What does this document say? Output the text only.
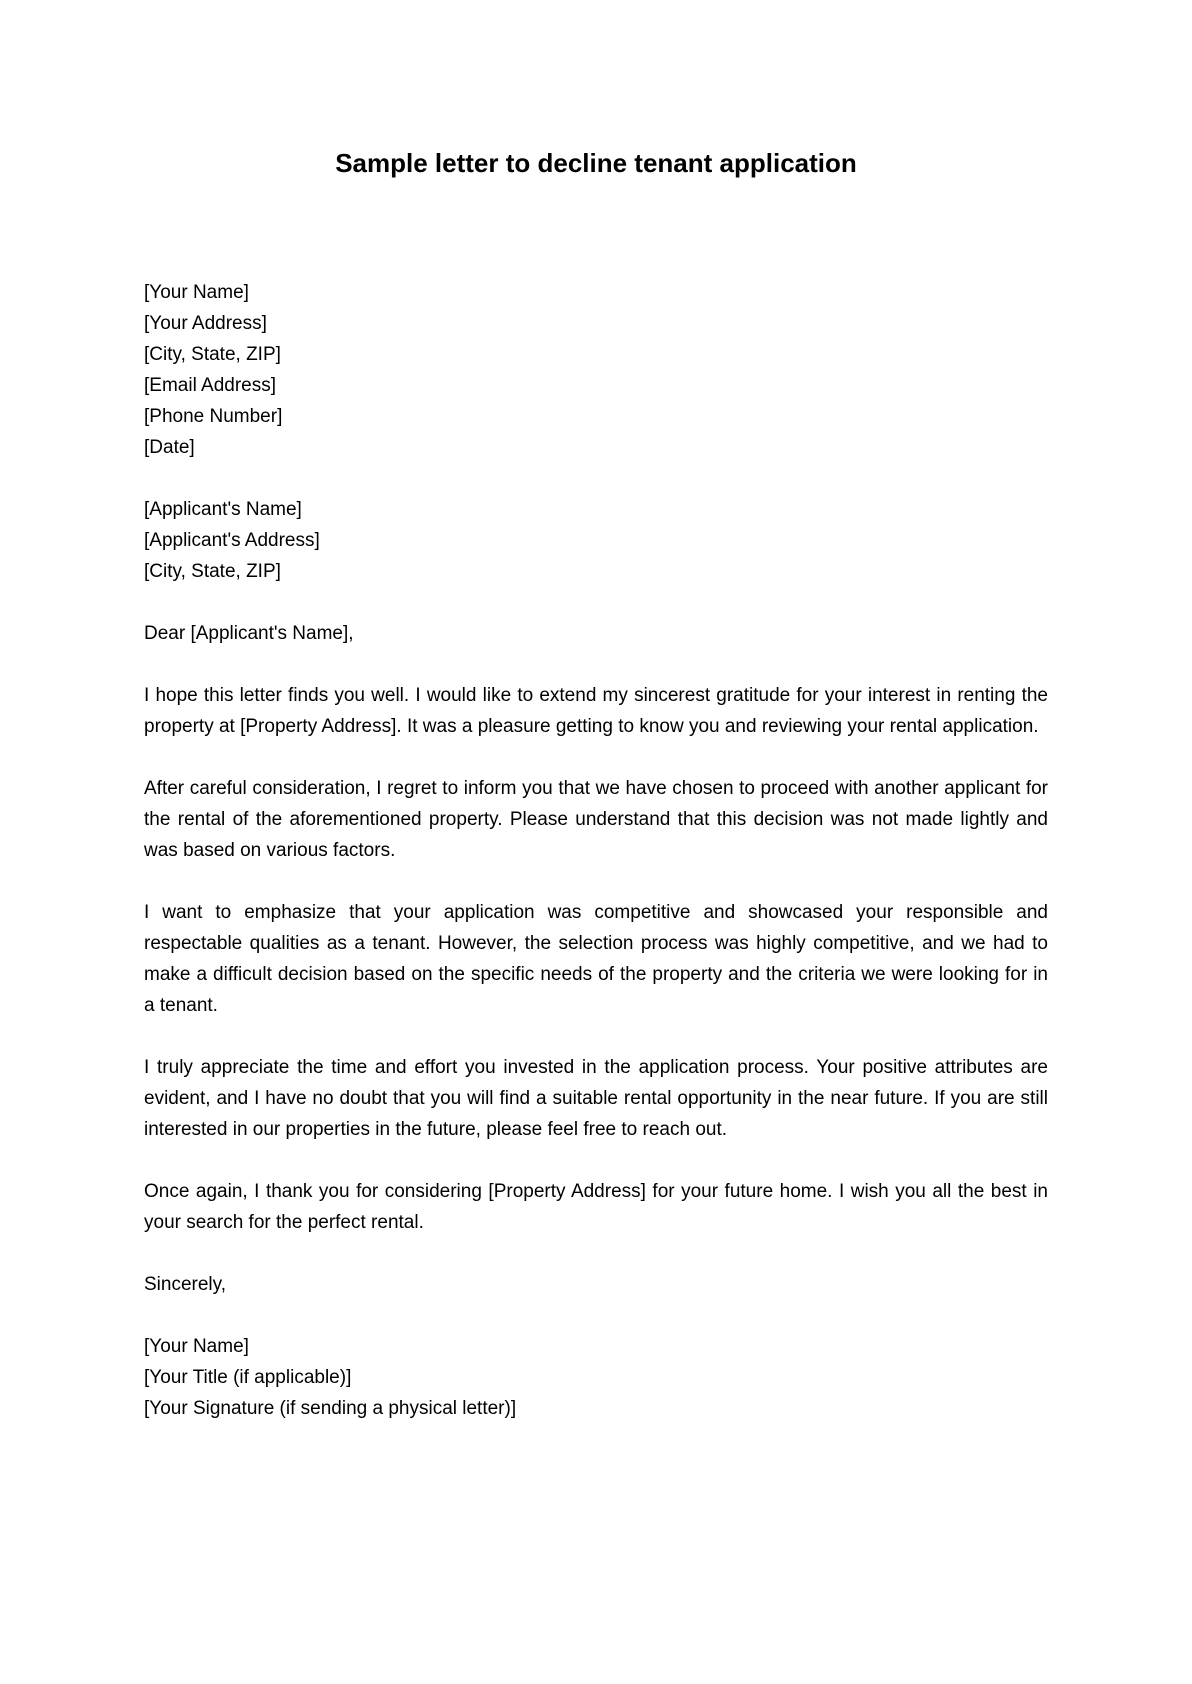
Sample letter to decline tenant application
[Your Name]
[Your Address]
[City, State, ZIP]
[Email Address]
[Phone Number]
[Date]
[Applicant's Name]
[Applicant's Address]
[City, State, ZIP]

Dear [Applicant's Name],

I hope this letter finds you well. I would like to extend my sincerest gratitude for your interest in renting the property at [Property Address]. It was a pleasure getting to know you and reviewing your rental application.

After careful consideration, I regret to inform you that we have chosen to proceed with another applicant for the rental of the aforementioned property. Please understand that this decision was not made lightly and was based on various factors.

I want to emphasize that your application was competitive and showcased your responsible and respectable qualities as a tenant. However, the selection process was highly competitive, and we had to make a difficult decision based on the specific needs of the property and the criteria we were looking for in a tenant.

I truly appreciate the time and effort you invested in the application process. Your positive attributes are evident, and I have no doubt that you will find a suitable rental opportunity in the near future. If you are still interested in our properties in the future, please feel free to reach out.

Once again, I thank you for considering [Property Address] for your future home. I wish you all the best in your search for the perfect rental.

Sincerely,

[Your Name]
[Your Title (if applicable)]
[Your Signature (if sending a physical letter)]
